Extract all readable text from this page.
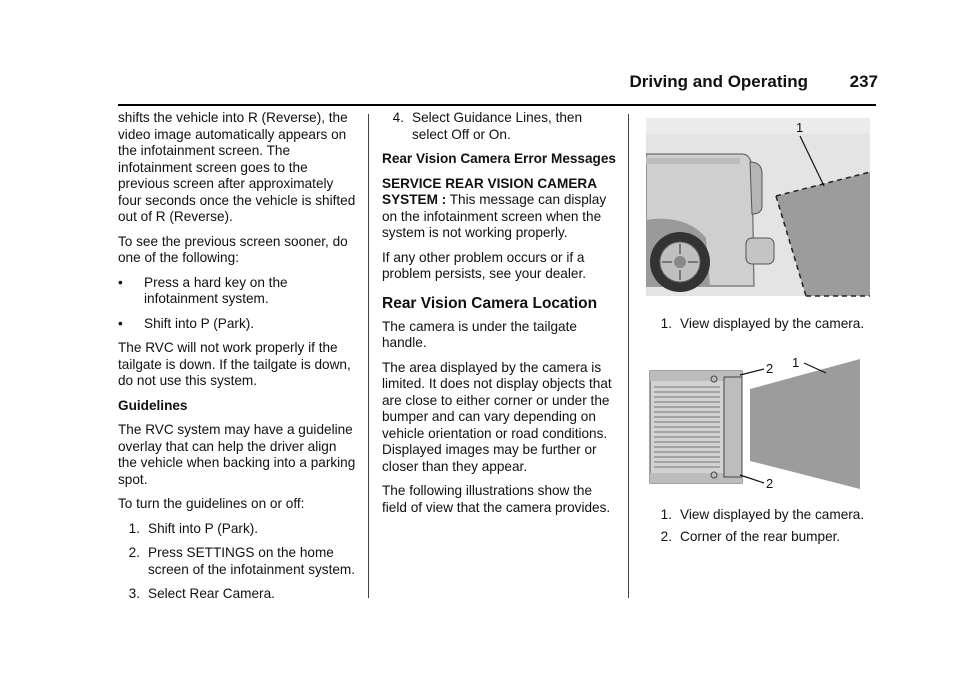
Driving and Operating 237

shifts the vehicle into R (Reverse), the video image automatically appears on the infotainment screen. The infotainment screen goes to the previous screen after approximately four seconds once the vehicle is shifted out of R (Reverse).

To see the previous screen sooner, do one of the following:

•	Press a hard key on the infotainment system.
•	Shift into P (Park).

The RVC will not work properly if the tailgate is down. If the tailgate is down, do not use this system.

Guidelines

The RVC system may have a guideline overlay that can help the driver align the vehicle when backing into a parking spot.

To turn the guidelines on or off:

1. Shift into P (Park).
2. Press SETTINGS on the home screen of the infotainment system.
3. Select Rear Camera.
4. Select Guidance Lines, then select Off or On.

Rear Vision Camera Error Messages

SERVICE REAR VISION CAMERA SYSTEM : This message can display on the infotainment screen when the system is not working properly.

If any other problem occurs or if a problem persists, see your dealer.

Rear Vision Camera Location

The camera is under the tailgate handle.

The area displayed by the camera is limited. It does not display objects that are close to either corner or under the bumper and can vary depending on vehicle orientation or road conditions. Displayed images may be further or closer than they appear.

The following illustrations show the field of view that the camera provides.

1
1. View displayed by the camera.
2 1
2
1. View displayed by the camera.
2. Corner of the rear bumper.
